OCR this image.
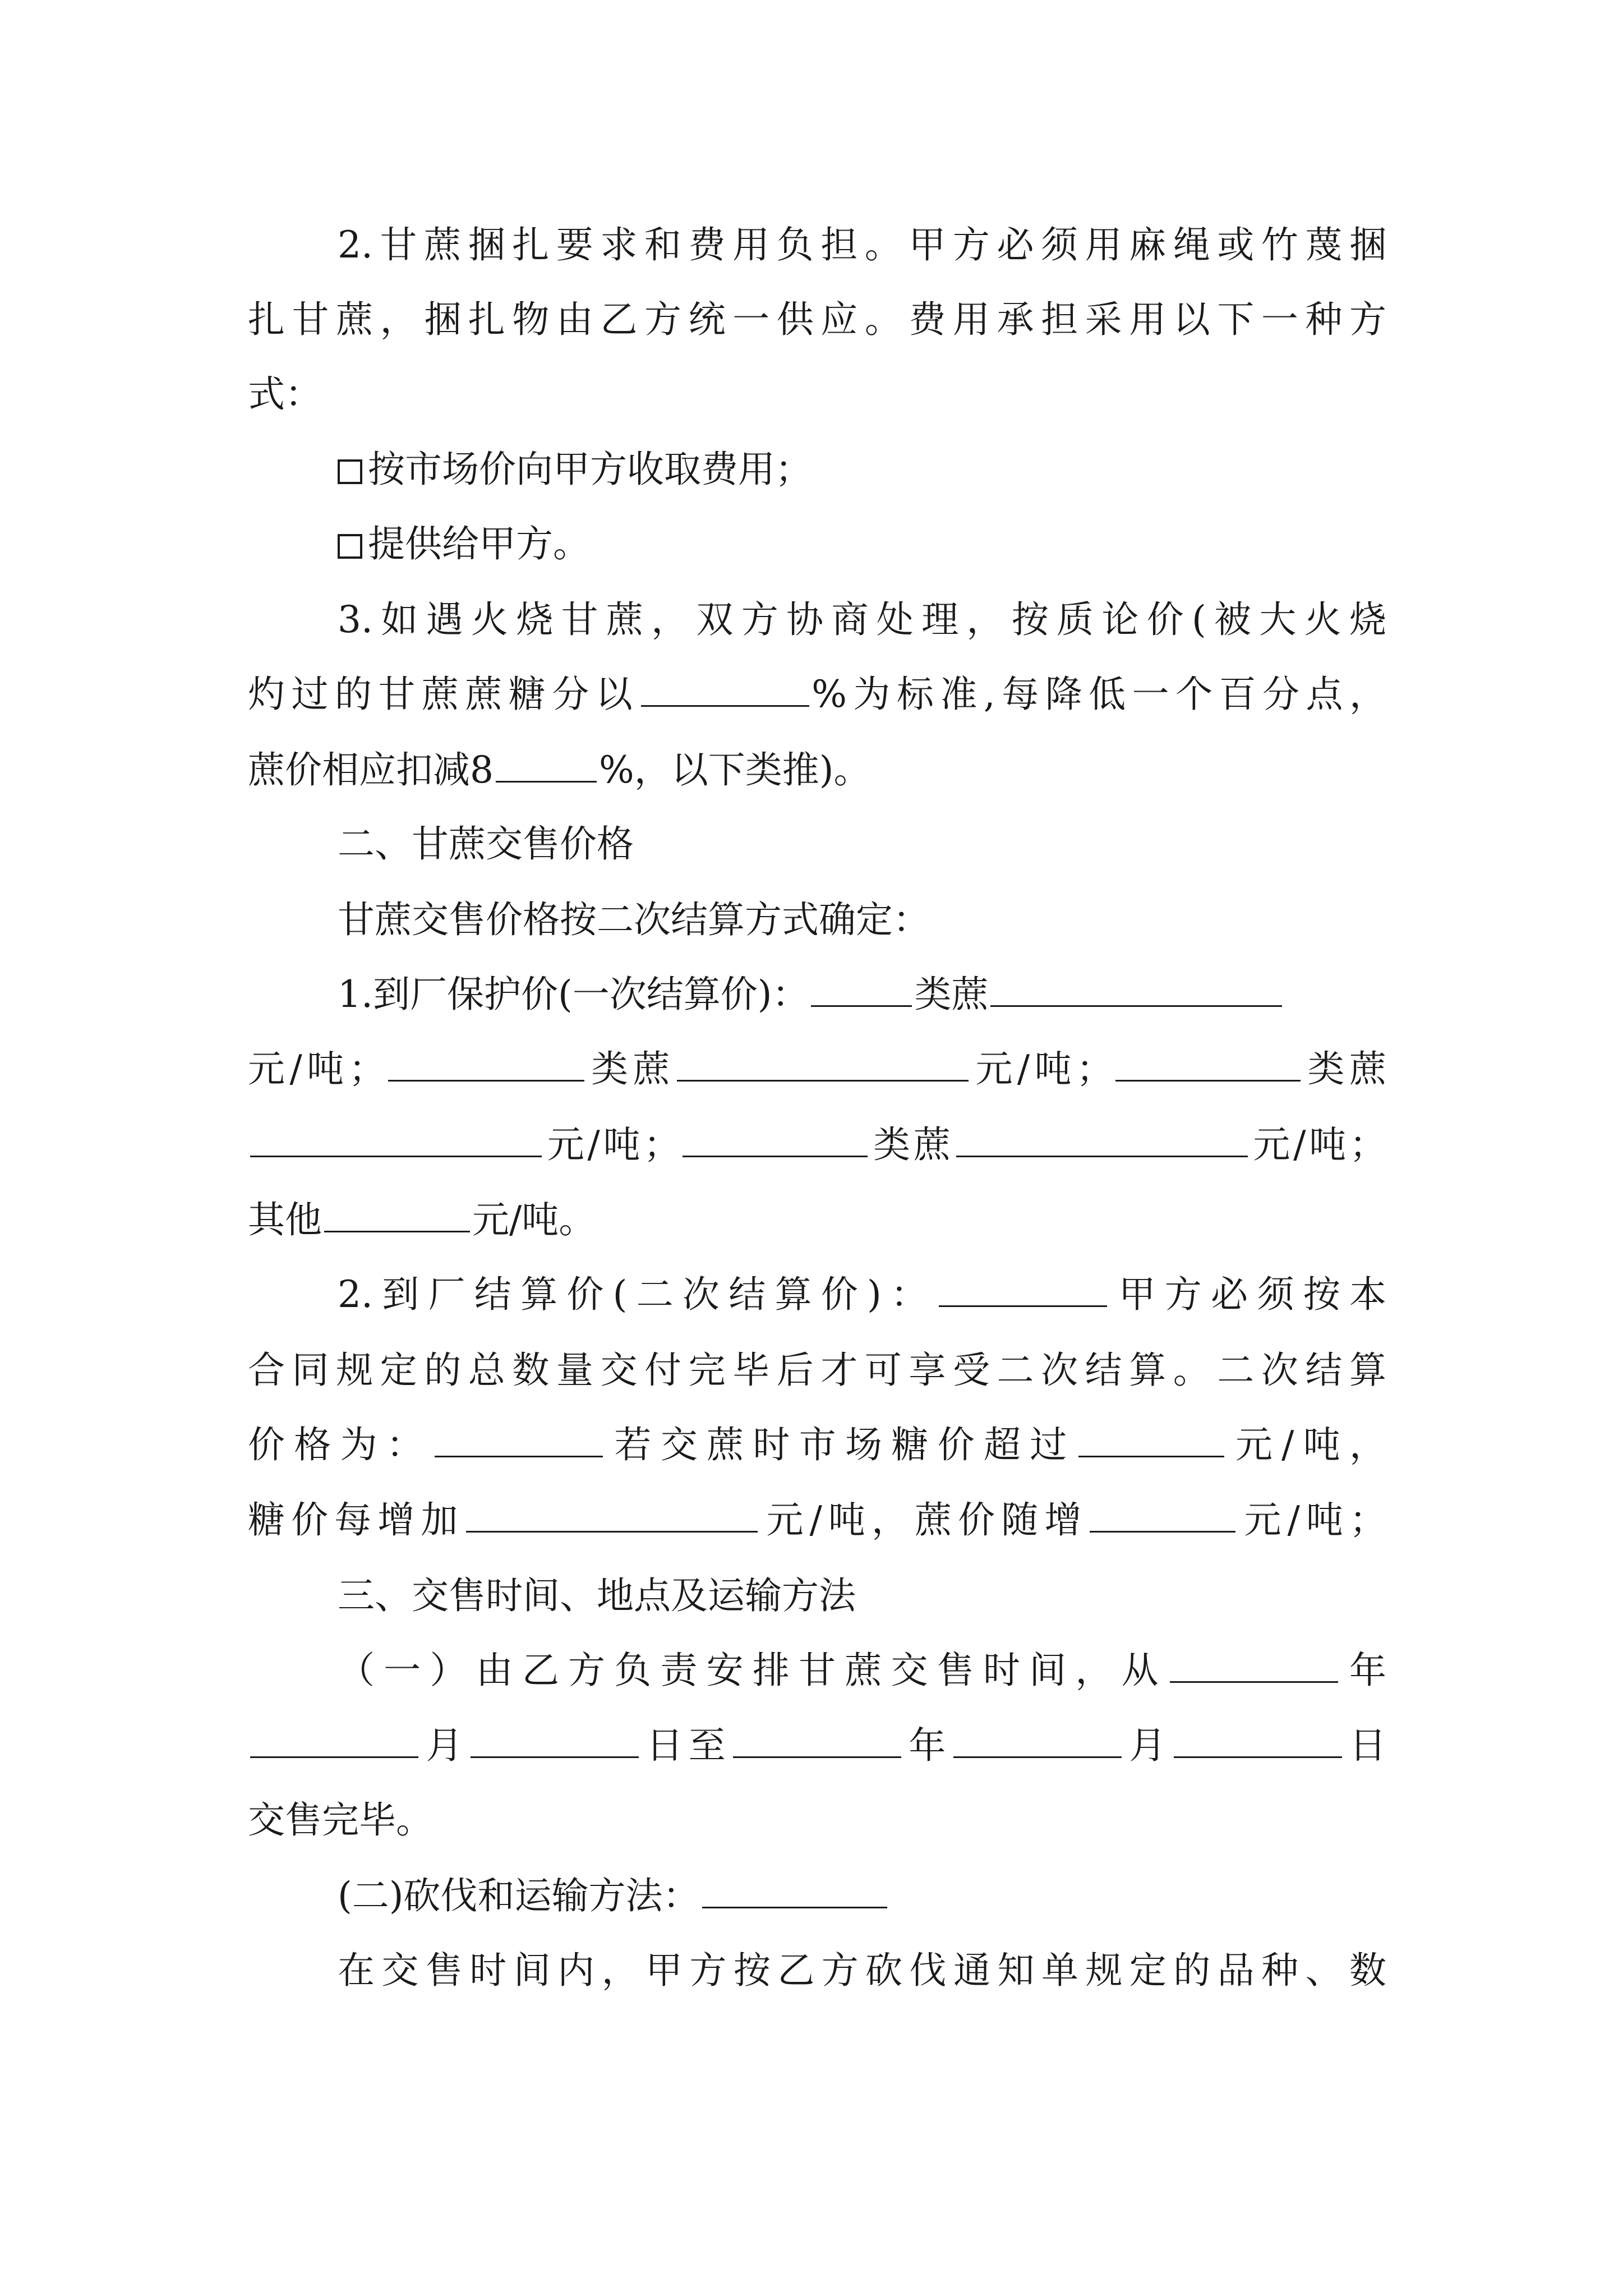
2.甘蔗捆扎要求和费用负担。甲方必须用麻绳或竹蔑捆
扎甘蔗，捆扎物由乙方统一供应。费用承担采用以下一种方
式：
按市场价向甲方收取费用；
提供给甲方。
3.如遇火烧甘蔗，双方协商处理，按质论价(被大火烧
灼过的甘蔗蔗糖分以	%为标准,每降低一个百分点，
蔗价相应扣减8	%，以下类推)。
二、甘蔗交售价格
甘蔗交售价格按二次结算方式确定：
1.到厂保护价(一次结算价)：	类蔗
元/吨；	类蔗	元/吨；	类蔗
元/吨；	类蔗	元/吨；
其他	元/吨。
2.到厂结算价(二次结算价)：	甲方必须按本
合同规定的总数量交付完毕后才可享受二次结算。二次结算
价格为：	若交蔗时市场糖价超过	元/吨，
糖价每增加	元/吨，蔗价随增	元/吨；
三、交售时间、地点及运输方法
（一）由乙方负责安排甘蔗交售时间，从	年
月	日至	年	月	日
交售完毕。
(二)砍伐和运输方法：
在交售时间内，甲方按乙方砍伐通知单规定的品种、数
